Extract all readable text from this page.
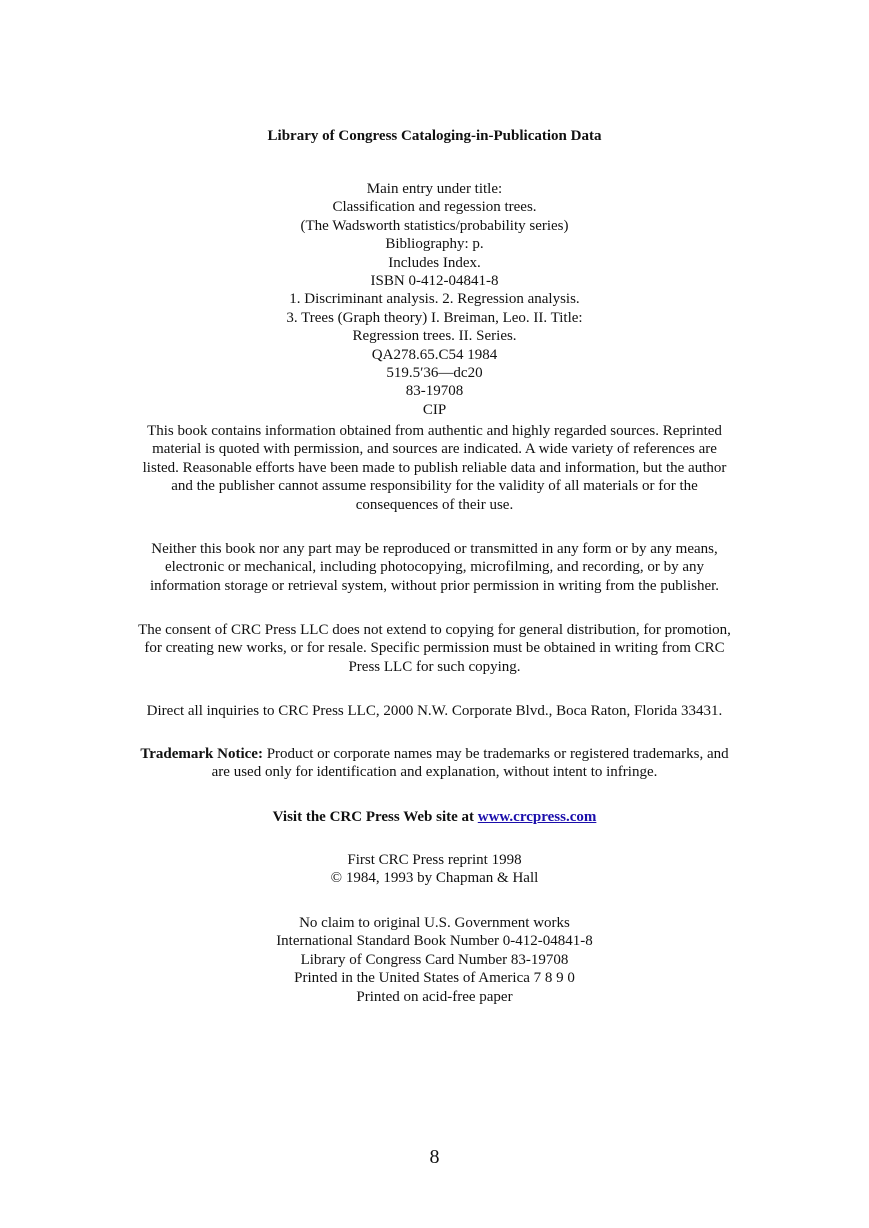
Library of Congress Cataloging-in-Publication Data
Main entry under title:
Classification and regession trees.
(The Wadsworth statistics/probability series)
Bibliography: p.
Includes Index.
ISBN 0-412-04841-8
1. Discriminant analysis. 2. Regression analysis.
3. Trees (Graph theory) I. Breiman, Leo. II. Title:
Regression trees. II. Series.
QA278.65.C54 1984
519.5′36—dc20
83-19708
CIP
This book contains information obtained from authentic and highly regarded sources. Reprinted
material is quoted with permission, and sources are indicated. A wide variety of references are
listed. Reasonable efforts have been made to publish reliable data and information, but the author
and the publisher cannot assume responsibility for the validity of all materials or for the
consequences of their use.
Neither this book nor any part may be reproduced or transmitted in any form or by any means,
electronic or mechanical, including photocopying, microfilming, and recording, or by any
information storage or retrieval system, without prior permission in writing from the publisher.
The consent of CRC Press LLC does not extend to copying for general distribution, for promotion,
for creating new works, or for resale. Specific permission must be obtained in writing from CRC
Press LLC for such copying.
Direct all inquiries to CRC Press LLC, 2000 N.W. Corporate Blvd., Boca Raton, Florida 33431.
Trademark Notice: Product or corporate names may be trademarks or registered trademarks, and
are used only for identification and explanation, without intent to infringe.
Visit the CRC Press Web site at www.crcpress.com
First CRC Press reprint 1998
© 1984, 1993 by Chapman & Hall
No claim to original U.S. Government works
International Standard Book Number 0-412-04841-8
Library of Congress Card Number 83-19708
Printed in the United States of America 7 8 9 0
Printed on acid-free paper
8
